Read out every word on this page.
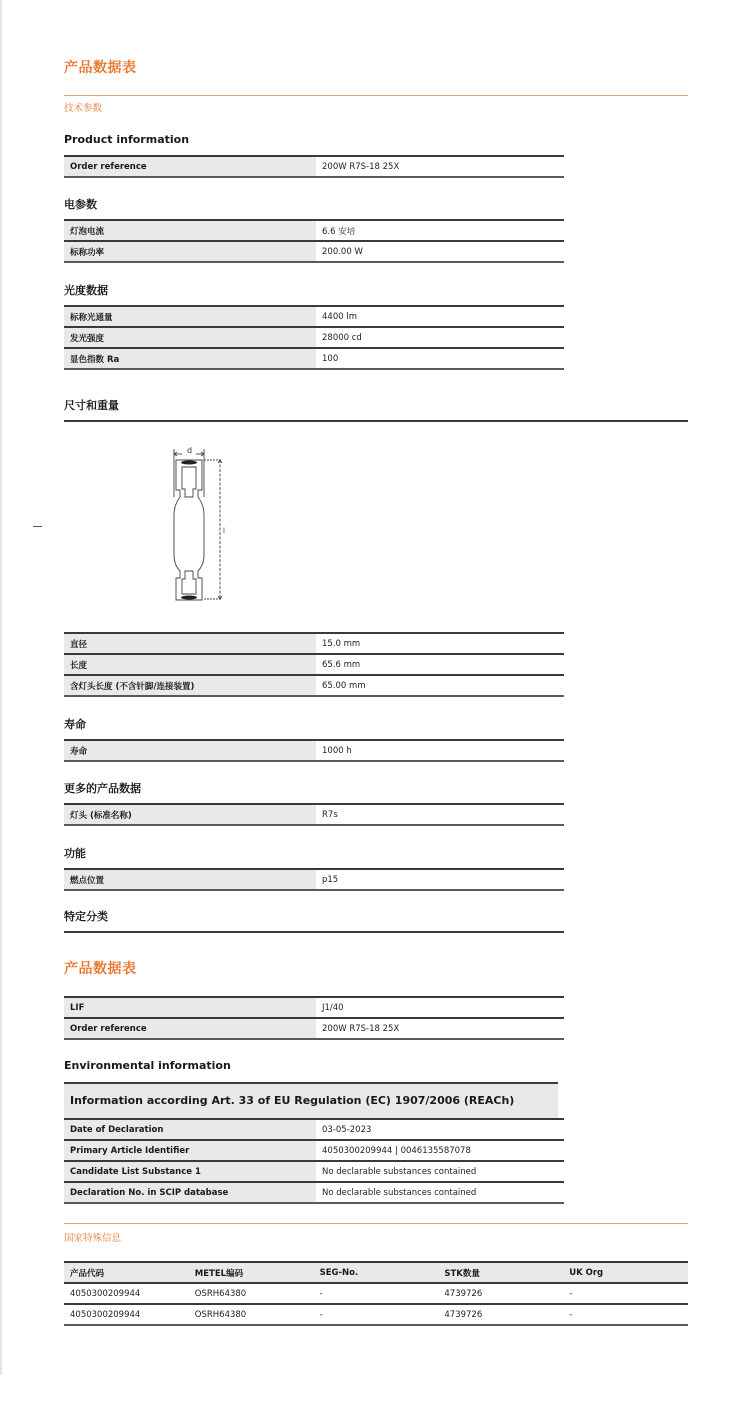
产品数据表
技术参数
Product information
Order reference	200W R7S-18 25X
电参数
灯泡电流	6.6 安培
标称功率	200.00 W
光度数据
标称光通量	4400 lm
发光强度	28000 cd
显色指数 Ra	100
尺寸和重量
d
l
直径	15.0 mm
长度	65.6 mm
含灯头长度 (不含针脚/连接装置)	65.00 mm
寿命
寿命	1000 h
更多的产品数据
灯头 (标准名称)	R7s
功能
燃点位置	p15
特定分类
产品数据表
LIF	J1/40
Order reference	200W R7S-18 25X
Environmental information
Information according Art. 33 of EU Regulation (EC) 1907/2006 (REACh)
Date of Declaration	03-05-2023
Primary Article Identifier	4050300209944 | 0046135587078
Candidate List Substance 1	No declarable substances contained
Declaration No. in SCIP database	No declarable substances contained
国家特殊信息
产品代码	METEL编码	SEG-No.	STK数量	UK Org
4050300209944	OSRH64380	-	4739726	-
4050300209944	OSRH64380	-	4739726	-
